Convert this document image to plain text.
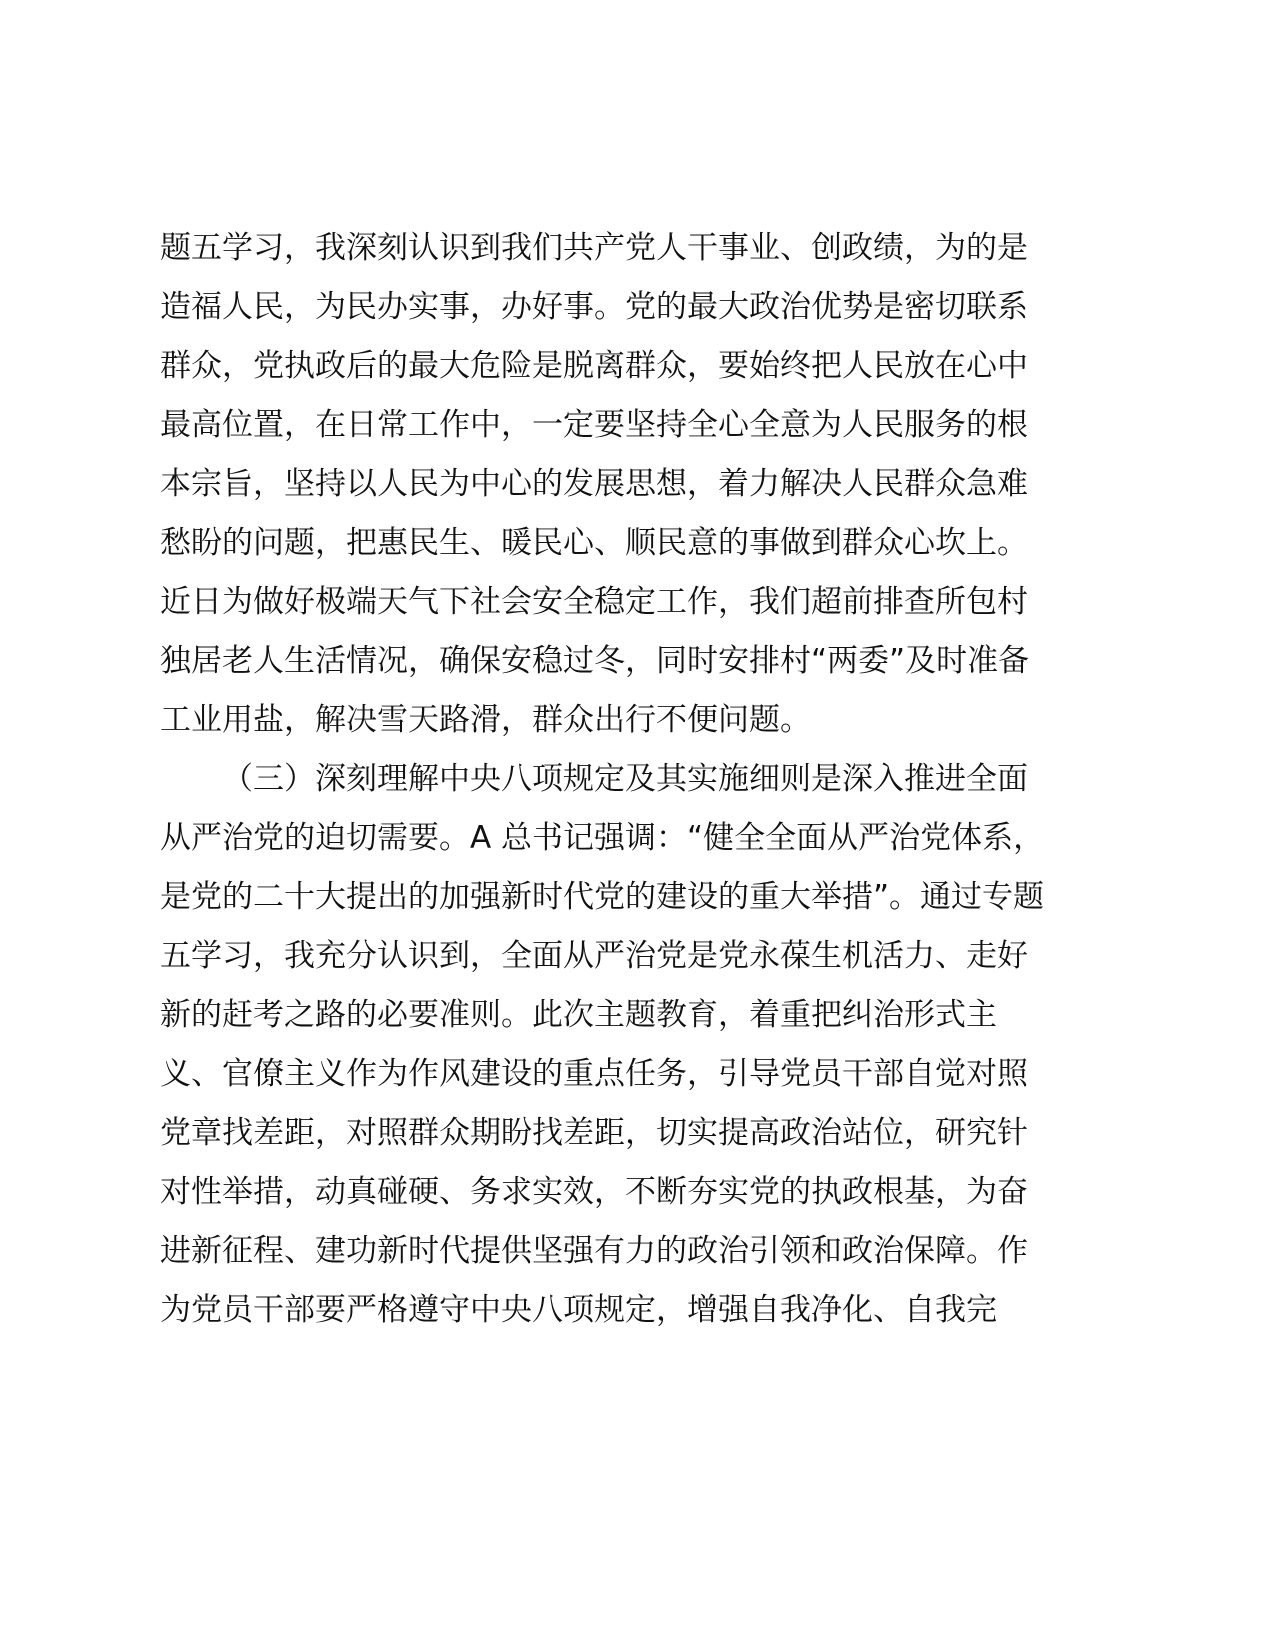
题五学习，我深刻认识到我们共产党人干事业、创政绩，为的是
造福人民，为民办实事，办好事。党的最大政治优势是密切联系
群众，党执政后的最大危险是脱离群众，要始终把人民放在心中
最高位置，在日常工作中，一定要坚持全心全意为人民服务的根
本宗旨，坚持以人民为中心的发展思想，着力解决人民群众急难
愁盼的问题，把惠民生、暖民心、顺民意的事做到群众心坎上。
近日为做好极端天气下社会安全稳定工作，我们超前排查所包村
独居老人生活情况，确保安稳过冬，同时安排村“两委”及时准备
工业用盐，解决雪天路滑，群众出行不便问题。
（三）深刻理解中央八项规定及其实施细则是深入推进全面
从严治党的迫切需要。A 总书记强调：“健全全面从严治党体系，
是党的二十大提出的加强新时代党的建设的重大举措”。通过专题
五学习，我充分认识到，全面从严治党是党永葆生机活力、走好
新的赶考之路的必要准则。此次主题教育，着重把纠治形式主
义、官僚主义作为作风建设的重点任务，引导党员干部自觉对照
党章找差距，对照群众期盼找差距，切实提高政治站位，研究针
对性举措，动真碰硬、务求实效，不断夯实党的执政根基，为奋
进新征程、建功新时代提供坚强有力的政治引领和政治保障。作
为党员干部要严格遵守中央八项规定，增强自我净化、自我完
